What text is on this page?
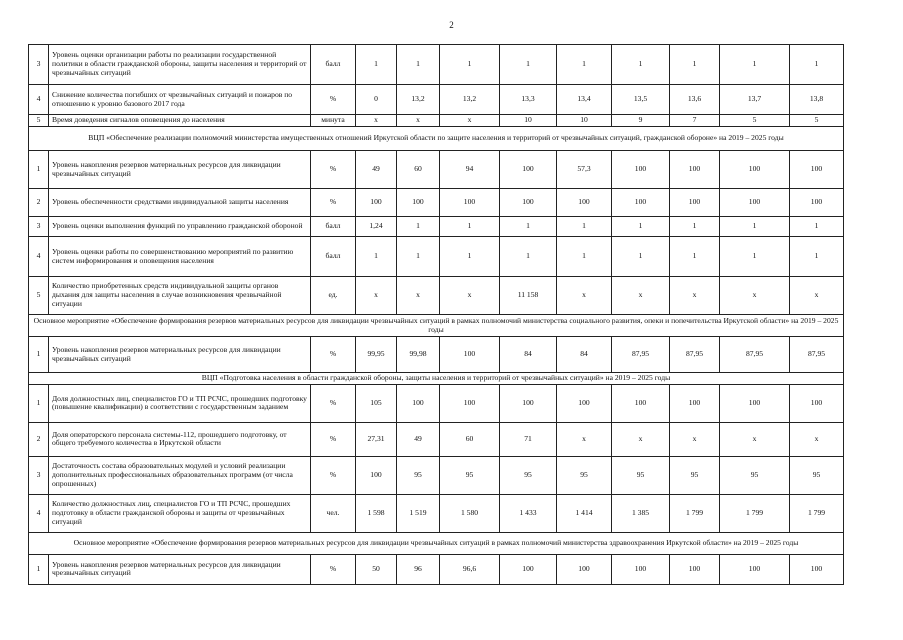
2
3	Уровень оценки организации работы по реализации государственной политики в области гражданской обороны, защиты населения и территорий от чрезвычайных ситуаций	балл	1	1	1	1	1	1	1	1	1
4	Снижение количества погибших от чрезвычайных ситуаций и пожаров по отношению к уровню базового 2017 года	%	0	13,2	13,2	13,3	13,4	13,5	13,6	13,7	13,8
5	Время доведения сигналов оповещения до населения	минута	х	х	х	10	10	9	7	5	5
ВЦП «Обеспечение реализации полномочий министерства имущественных отношений Иркутской области по защите населения и территорий от чрезвычайных ситуаций, гражданской обороне» на 2019 – 2025 годы											
1	Уровень накопления резервов материальных ресурсов для ликвидации чрезвычайных ситуаций	%	49	60	94	100	57,3	100	100	100	100
2	Уровень обеспеченности средствами индивидуальной защиты населения	%	100	100	100	100	100	100	100	100	100
3	Уровень оценки выполнения функций по управлению гражданской обороной	балл	1,24	1	1	1	1	1	1	1	1
4	Уровень оценки работы по совершенствованию мероприятий по развитию систем информирования и оповещения населения	балл	1	1	1	1	1	1	1	1	1
5	Количество приобретенных средств индивидуальной защиты органов дыхания для защиты населения в случае возникновения чрезвычайной ситуации	ед.	х	х	х	11 158	х	х	х	х	х
Основное мероприятие «Обеспечение формирования резервов материальных ресурсов для ликвидации чрезвычайных ситуаций в рамках полномочий министерства социального развития, опеки и попечительства Иркутской области» на 2019 – 2025 годы											
1	Уровень накопления резервов материальных ресурсов для ликвидации чрезвычайных ситуаций	%	99,95	99,98	100	84	84	87,95	87,95	87,95	87,95
ВЦП «Подготовка населения в области гражданской обороны, защиты населения и территорий от чрезвычайных ситуаций» на 2019 – 2025 годы											
1	Доля должностных лиц, специалистов ГО и ТП РСЧС, прошедших подготовку (повышение квалификации) в соответствии с государственным заданием	%	105	100	100	100	100	100	100	100	100
2	Доля операторского персонала системы-112, прошедшего подготовку, от общего требуемого количества в Иркутской области	%	27,31	49	60	71	х	х	х	х	х
3	Достаточность состава образовательных модулей и условий реализации дополнительных профессиональных образовательных программ (от числа опрошенных)	%	100	95	95	95	95	95	95	95	95
4	Количество должностных лиц, специалистов ГО и ТП РСЧС, прошедших подготовку в области гражданской обороны и защиты от чрезвычайных ситуаций	чел.	1 598	1 519	1 580	1 433	1 414	1 385	1 799	1 799	1 799
Основное мероприятие «Обеспечение формирования резервов материальных ресурсов для ликвидации чрезвычайных ситуаций в рамках полномочий министерства здравоохранения Иркутской области» на 2019 – 2025 годы											
1	Уровень накопления резервов материальных ресурсов для ликвидации чрезвычайных ситуаций	%	50	96	96,6	100	100	100	100	100	100
